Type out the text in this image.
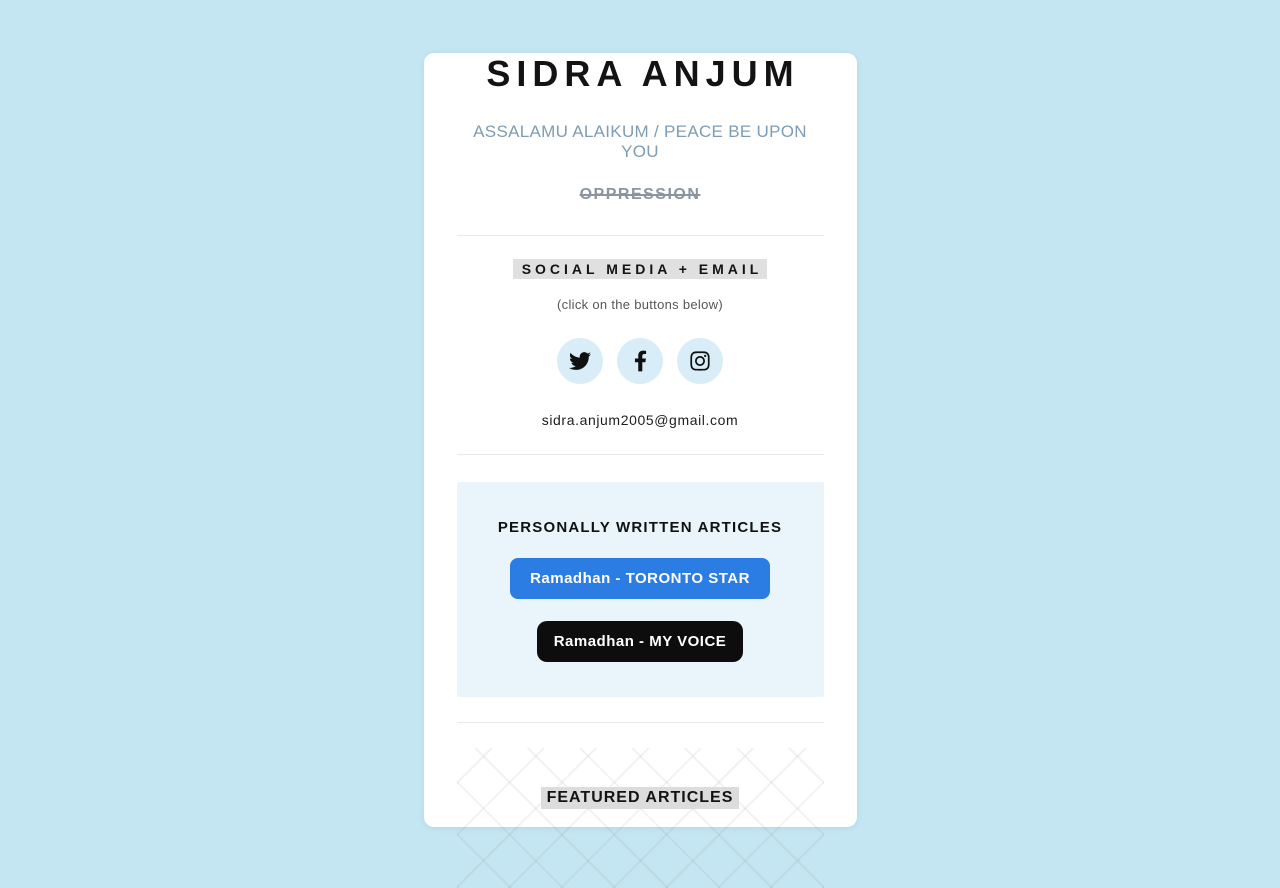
SIDRA ANJUM
ASSALAMU ALAIKUM / PEACE BE UPON YOU
OPPRESSION
SOCIAL MEDIA + EMAIL
(click on the buttons below)
sidra.anjum2005@gmail.com
PERSONALLY WRITTEN ARTICLES
Ramadhan - TORONTO STAR
Ramadhan - MY VOICE
FEATURED ARTICLES
